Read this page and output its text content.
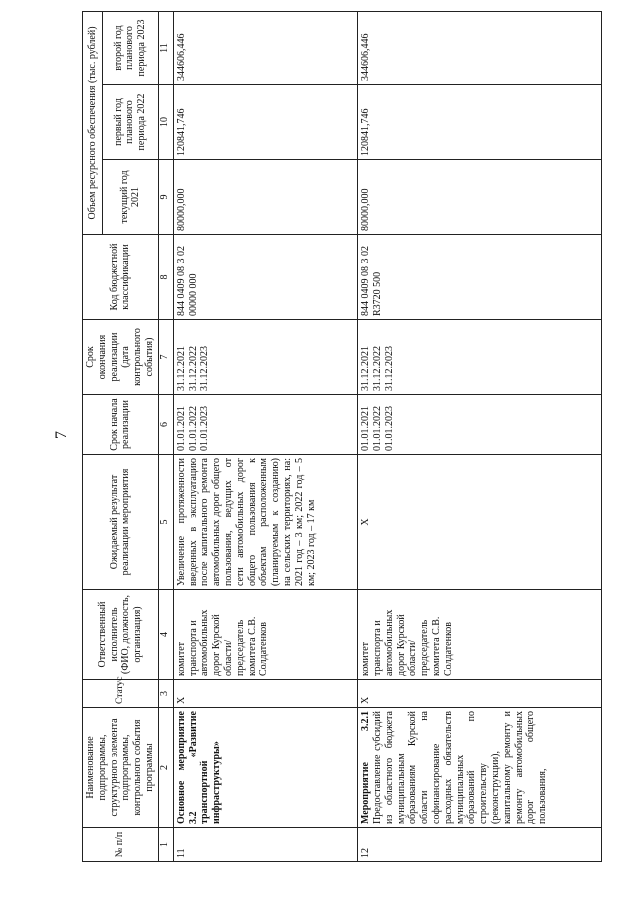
7
№ п/п	Наименование подпрограммы, структурного элемента подпрограммы, контрольного события программы	Статус	Ответственный исполнитель (ФИО, должность, организация)	Ожидаемый результат реализации мероприятия	Срок начала реализации	Срок окончания реализации (дата контрольного события)	Код бюджетной классификации	Объем ресурсного обеспечения (тыс. рублей)		
								текущий год 2021	первый год планового периода 2022	второй год планового периода 2023

1	2	3	4	5	6	7	8	9	10	11
11	Основное мероприятие 3.2 «Развитие транспортной инфраструктуры»	X	комитет транспорта и автомобильных дорог Курской области/председатель комитета С.В. Солдатенков	Увеличение протяженности введенных в эксплуатацию после капитального ремонта автомобильных дорог общего пользования, ведущих от сети автомобильных дорог общего пользования к объектам расположенным (планируемым к созданию) на сельских территориях, на: 2021 год – 3 км; 2022 год – 5 км; 2023 год – 17 км	01.01.2021 01.01.2022 01.01.2023	31.12.2021 31.12.2022 31.12.2023	844 0409 08 3 02 00000 000	80000,000	120841,746	344606,446
12	Мероприятие 3.2.1 Предоставление субсидий из областного бюджета муниципальным образованиям Курской области на софинансирование расходных обязательств муниципальных образований по строительству (реконструкции), капитальному ремонту и ремонту автомобильных дорог общего пользования,	X	комитет транспорта и автомобильных дорог Курской области/председатель комитета С.В. Солдатенков	X	01.01.2021 01.01.2022 01.01.2023	31.12.2021 31.12.2022 31.12.2023	844 0409 08 3 02 R3720 500	80000,000	120841,746	344606,446
